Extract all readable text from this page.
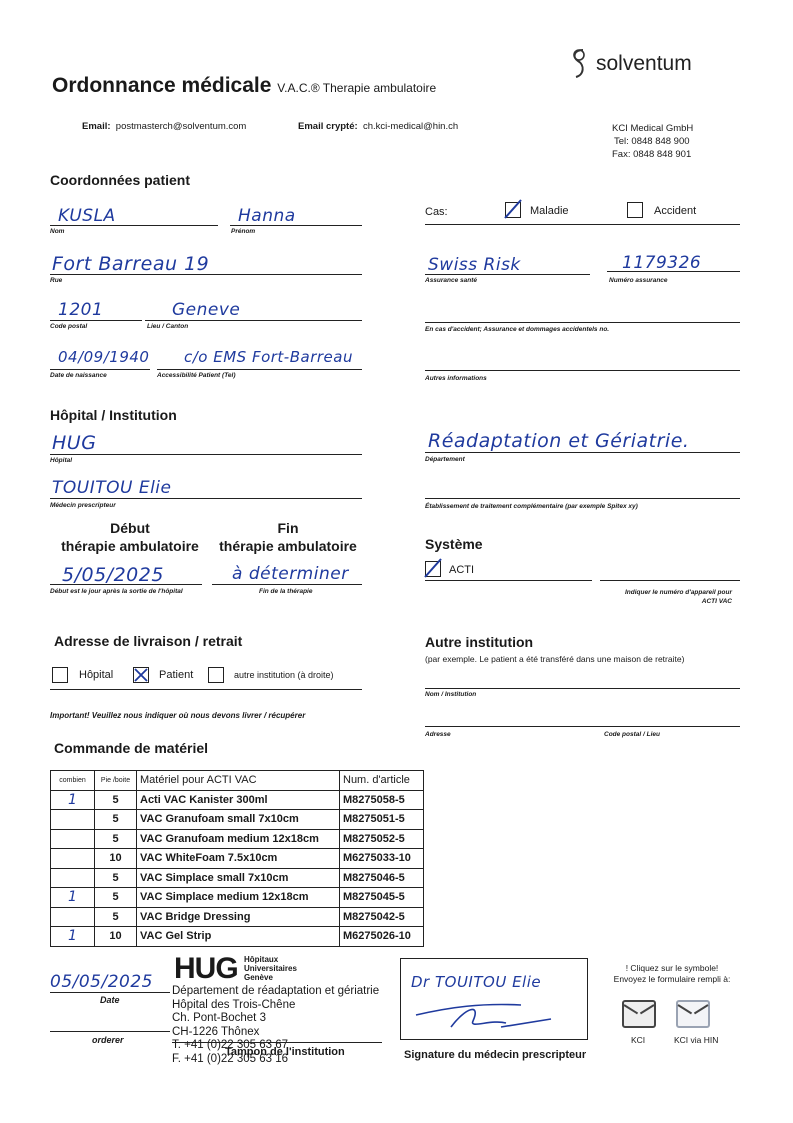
Ordonnance médicale V.A.C.® Therapie ambulatoire
solventum
Email: postmasterch@solventum.com	Email crypté: ch.kci-medical@hin.ch	KCI Medical GmbH
Tel: 0848 848 900
Fax: 0848 848 901
Coordonnées patient
KUSLA
Nom
Hanna
Prénom
Fort Barreau 19
Rue
1201
Code postal
Geneve
Lieu / Canton
04/09/1940
Date de naissance
c/o EMS Fort-Barreau
Accessibilité Patient (Tel)
Cas:	Maladie	Accident
Swiss Risk
Assurance santé
1179326
Numéro assurance
En cas d'accident; Assurance et dommages accidentels no.
Autres informations
Hôpital / Institution
HUG
Hôpital
TOUITOU Elie
Médecin prescripteur
Réadaptation et Gériatrie.
Département
Établissement de traitement complémentaire (par exemple Spitex xy)
Début
thérapie ambulatoire
Fin
thérapie ambulatoire
5/05/2025
Début est le jour après la sortie de l'hôpital
à déterminer
Fin de la thérapie
Système
ACTI
Indiquer le numéro d'appareil pour
ACTI VAC
Adresse de livraison / retrait
Hôpital	Patient	autre institution (à droite)
Important! Veuillez nous indiquer où nous devons livrer / récupérer
Autre institution
(par exemple. Le patient a été transféré dans une maison de retraite)
Nom / Institution
Adresse	Code postal / Lieu
Commande de matériel
combien	Pie /boite	Matériel pour ACTI VAC	Num. d'article
1	5	Acti VAC Kanister 300ml	M8275058-5
	5	VAC Granufoam small 7x10cm	M8275051-5
	5	VAC Granufoam medium 12x18cm	M8275052-5
	10	VAC WhiteFoam 7.5x10cm	M6275033-10
	5	VAC Simplace small 7x10cm	M8275046-5
1	5	VAC Simplace medium 12x18cm	M8275045-5
	5	VAC Bridge Dressing	M8275042-5
1	10	VAC Gel Strip	M6275026-10
05/05/2025
Date
orderer
HUG Hôpitaux Universitaires Genève
Département de réadaptation et gériatrie
Hôpital des Trois-Chêne
Ch. Pont-Bochet 3
CH-1226 Thônex
T. +41 (0)22 305 63 67
F. +41 (0)22 305 63 16
Tampon de l'institution
Dr TOUITOU Elie
Signature du médecin prescripteur
! Cliquez sur le symbole!
Envoyez le formulaire rempli à:
KCI	KCI via HIN
